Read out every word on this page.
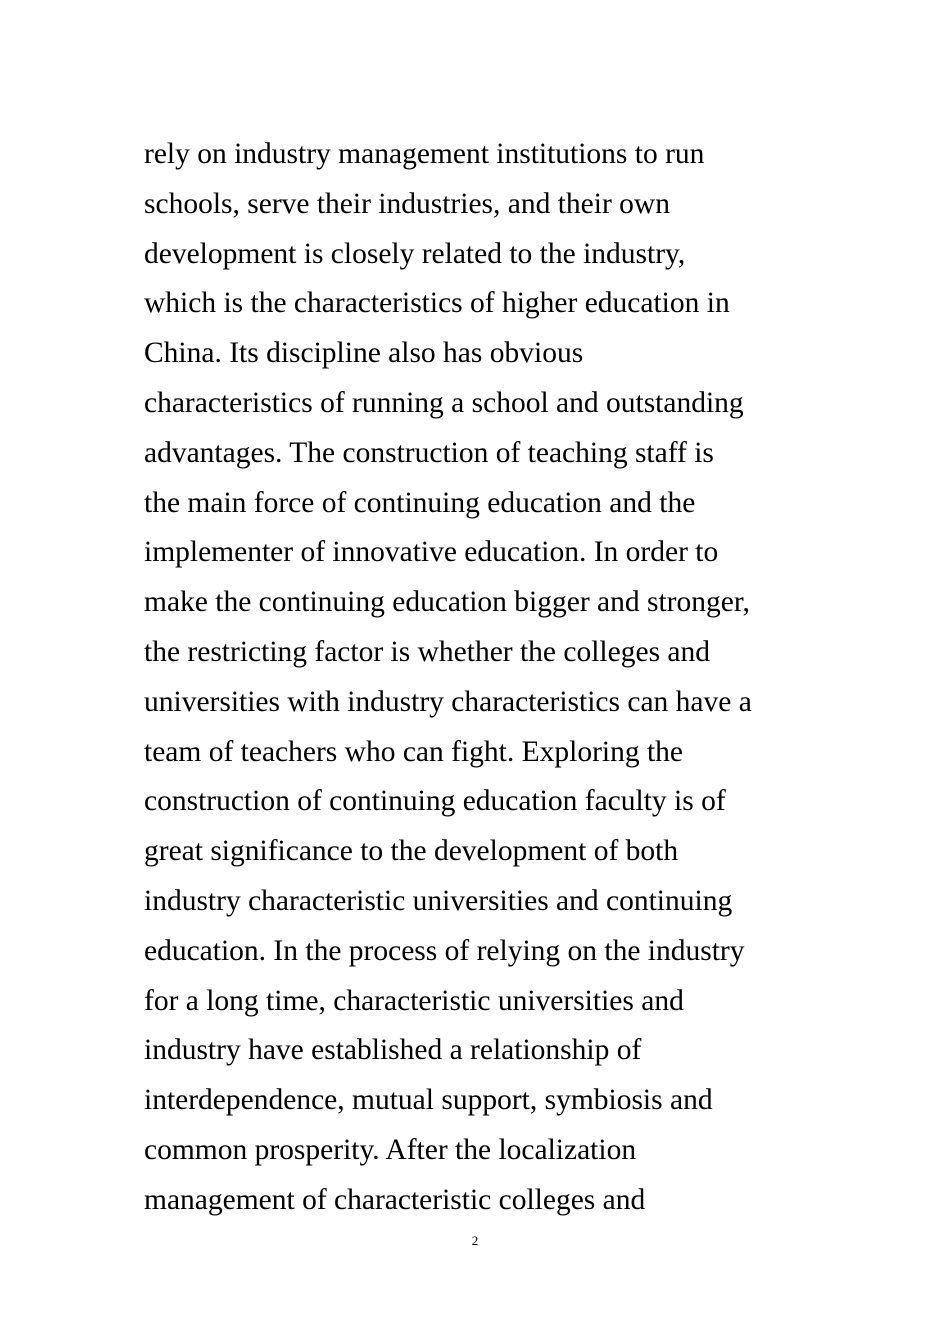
rely on industry management institutions to run
schools, serve their industries, and their own
development is closely related to the industry,
which is the characteristics of higher education in
China. Its discipline also has obvious
characteristics of running a school and outstanding
advantages. The construction of teaching staff is
the main force of continuing education and the
implementer of innovative education. In order to
make the continuing education bigger and stronger,
the restricting factor is whether the colleges and
universities with industry characteristics can have a
team of teachers who can fight. Exploring the
construction of continuing education faculty is of
great significance to the development of both
industry characteristic universities and continuing
education. In the process of relying on the industry
for a long time, characteristic universities and
industry have established a relationship of
interdependence, mutual support, symbiosis and
common prosperity. After the localization
management of characteristic colleges and
2
